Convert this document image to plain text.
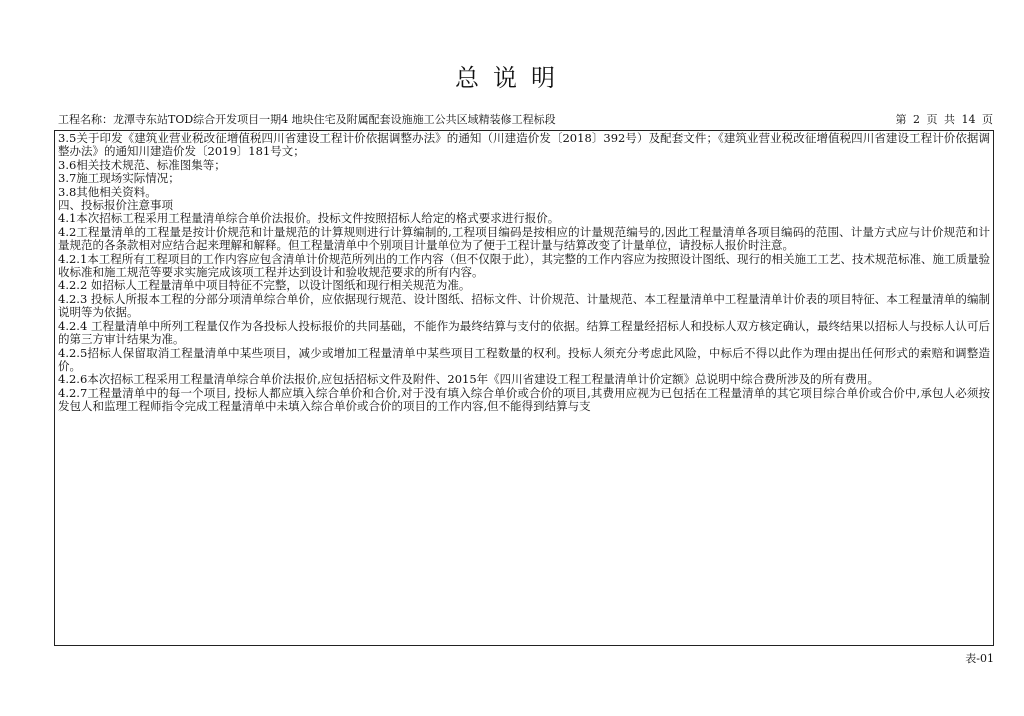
总说明
工程名称：龙潭寺东站TOD综合开发项目一期4 地块住宅及附属配套设施施工公共区域精装修工程标段	第 2 页 共 14 页

3.5关于印发《建筑业营业税改征增值税四川省建设工程计价依据调整办法》的通知（川建造价发〔2018〕392号）及配套文件；《建筑业营业税改征增值税四川省建设工程计价依据调整办法》的通知川建造价发〔2019〕181号文；

3.6相关技术规范、标准图集等；

3.7施工现场实际情况；

3.8其他相关资料。

四、投标报价注意事项

4.1本次招标工程采用工程量清单综合单价法报价。投标文件按照招标人给定的格式要求进行报价。

4.2工程量清单的工程量是按计价规范和计量规范的计算规则进行计算编制的,工程项目编码是按相应的计量规范编号的,因此工程量清单各项目编码的范围、计量方式应与计价规范和计量规范的各条款相对应结合起来理解和解释。但工程量清单中个别项目计量单位为了便于工程计量与结算改变了计量单位，请投标人报价时注意。

4.2.1本工程所有工程项目的工作内容应包含清单计价规范所列出的工作内容（但不仅限于此），其完整的工作内容应为按照设计图纸、现行的相关施工工艺、技术规范标准、施工质量验收标准和施工规范等要求实施完成该项工程并达到设计和验收规范要求的所有内容。

4.2.2 如招标人工程量清单中项目特征不完整，以设计图纸和现行相关规范为准。

4.2.3 投标人所报本工程的分部分项清单综合单价，应依据现行规范、设计图纸、招标文件、计价规范、计量规范、本工程量清单中工程量清单计价表的项目特征、本工程量清单的编制说明等为依据。

4.2.4 工程量清单中所列工程量仅作为各投标人投标报价的共同基础，不能作为最终结算与支付的依据。结算工程量经招标人和投标人双方核定确认，最终结果以招标人与投标人认可后的第三方审计结果为准。

4.2.5招标人保留取消工程量清单中某些项目，减少或增加工程量清单中某些项目工程数量的权利。投标人须充分考虑此风险，中标后不得以此作为理由提出任何形式的索赔和调整造价。

4.2.6本次招标工程采用工程量清单综合单价法报价,应包括招标文件及附件、2015年《四川省建设工程工程量清单计价定额》总说明中综合费所涉及的所有费用。

4.2.7工程量清单中的每一个项目, 投标人都应填入综合单价和合价,对于没有填入综合单价或合价的项目,其费用应视为已包括在工程量清单的其它项目综合单价或合价中,承包人必须按发包人和监理工程师指令完成工程量清单中未填入综合单价或合价的项目的工作内容,但不能得到结算与支

表-01
